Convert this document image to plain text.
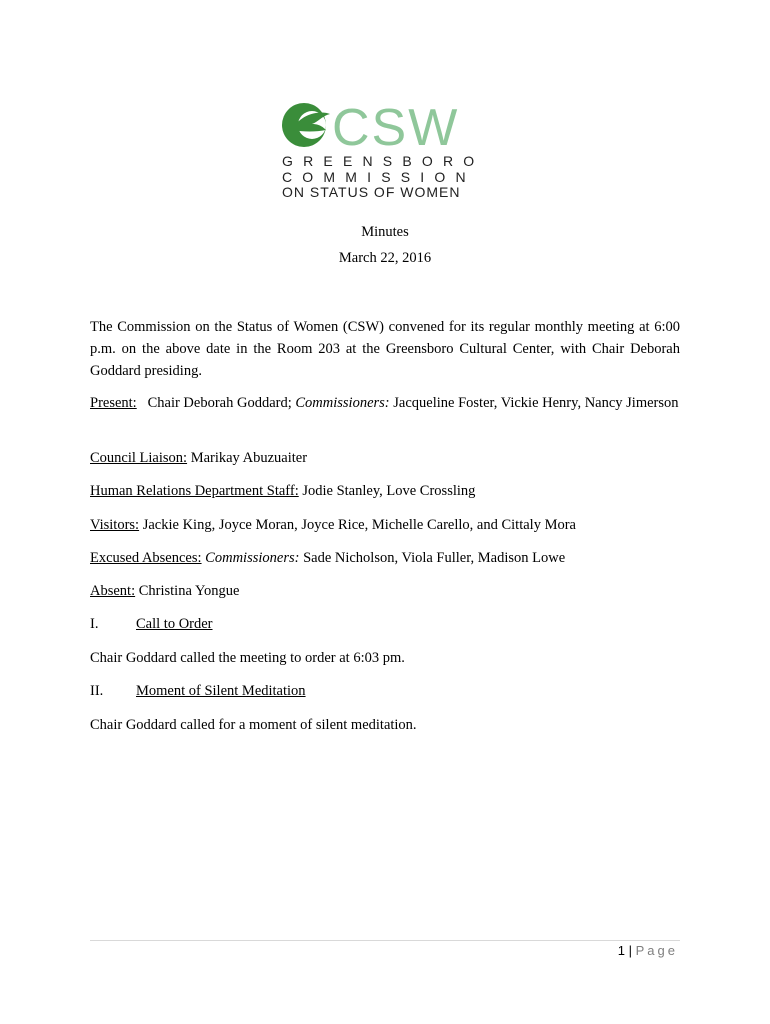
CSW
GREENSBORO
COMMISSION
ON STATUS OF WOMEN
Minutes
March 22, 2016
The Commission on the Status of Women (CSW) convened for its regular monthly meeting at 6:00 p.m. on the above date in the Room 203 at the Greensboro Cultural Center, with Chair Deborah Goddard presiding.
Present: Chair Deborah Goddard; Commissioners: Jacqueline Foster, Vickie Henry, Nancy Jimerson
Council Liaison: Marikay Abuzuaiter
Human Relations Department Staff: Jodie Stanley, Love Crossling
Visitors: Jackie King, Joyce Moran, Joyce Rice, Michelle Carello, and Cittaly Mora
Excused Absences: Commissioners: Sade Nicholson, Viola Fuller, Madison Lowe
Absent: Christina Yongue
I.	Call to Order
Chair Goddard called the meeting to order at 6:03 pm.
II. Moment of Silent Meditation
Chair Goddard called for a moment of silent meditation.
1 | Page
